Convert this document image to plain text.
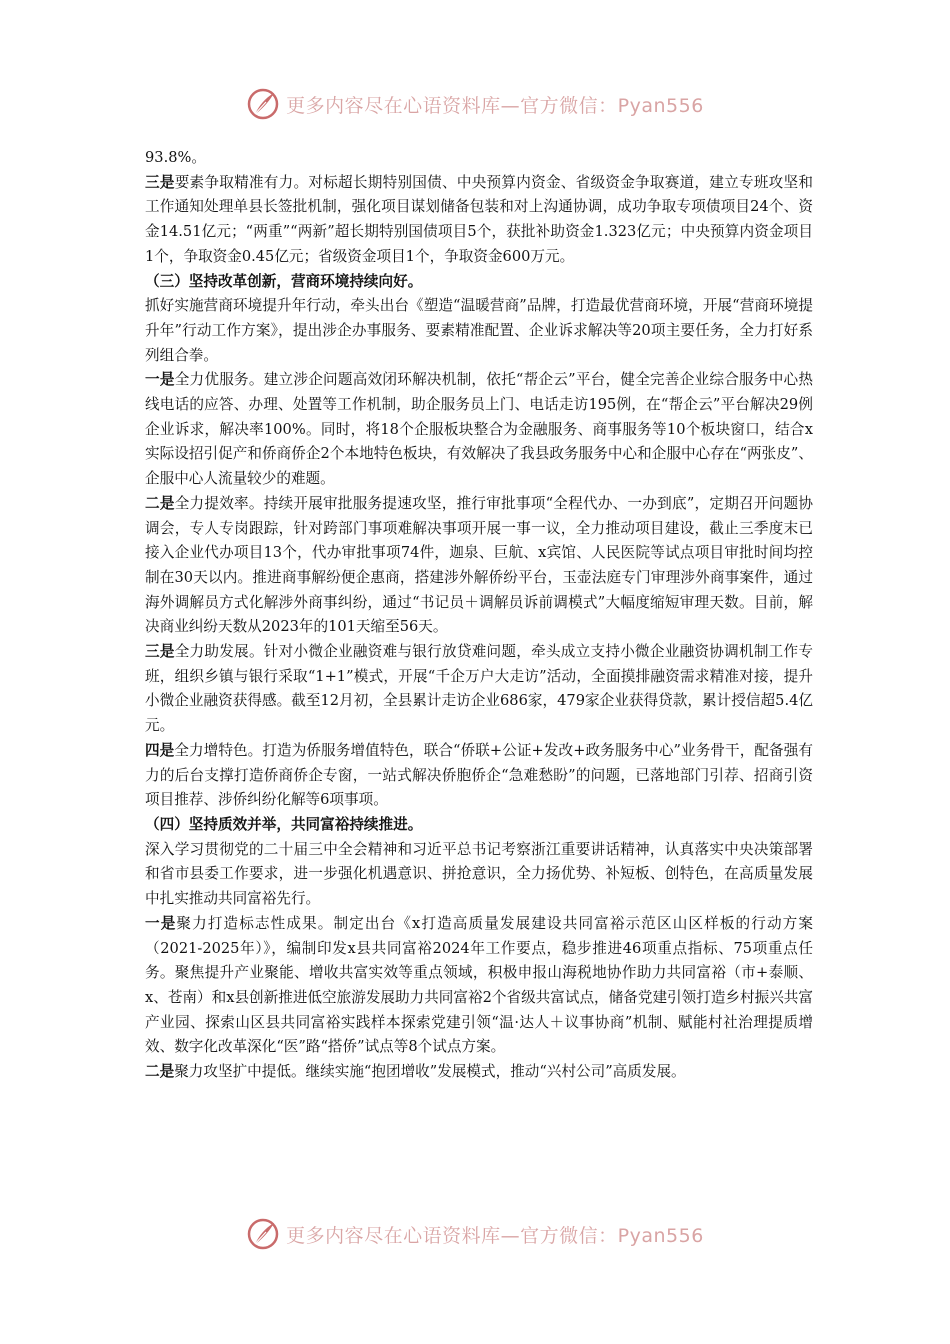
更多内容尽在心语资料库—官方微信：Pyan556

93.8%。

三是要素争取精准有力。对标超长期特别国债、中央预算内资金、省级资金争取赛道，建立专班攻坚和工作通知处理单县长签批机制，强化项目谋划储备包装和对上沟通协调，成功争取专项债项目24个、资金14.51亿元；“两重”“两新”超长期特别国债项目5个，获批补助资金1.323亿元；中央预算内资金项目1个，争取资金0.45亿元；省级资金项目1个，争取资金600万元。

（三）坚持改革创新，营商环境持续向好。

抓好实施营商环境提升年行动，牵头出台《塑造“温暖营商”品牌，打造最优营商环境，开展“营商环境提升年”行动工作方案》，提出涉企办事服务、要素精准配置、企业诉求解决等20项主要任务，全力打好系列组合拳。

一是全力优服务。建立涉企问题高效闭环解决机制，依托“帮企云”平台，健全完善企业综合服务中心热线电话的应答、办理、处置等工作机制，助企服务员上门、电话走访195例，在“帮企云”平台解决29例企业诉求，解决率100%。同时，将18个企服板块整合为金融服务、商事服务等10个板块窗口，结合x实际设招引促产和侨商侨企2个本地特色板块，有效解决了我县政务服务中心和企服中心存在“两张皮”、企服中心人流量较少的难题。

二是全力提效率。持续开展审批服务提速攻坚，推行审批事项“全程代办、一办到底”，定期召开问题协调会，专人专岗跟踪，针对跨部门事项难解决事项开展一事一议，全力推动项目建设，截止三季度末已接入企业代办项目13个，代办审批事项74件，迦泉、巨航、x宾馆、人民医院等试点项目审批时间均控制在30天以内。推进商事解纷便企惠商，搭建涉外解侨纷平台，玉壶法庭专门审理涉外商事案件，通过海外调解员方式化解涉外商事纠纷，通过“书记员＋调解员诉前调模式”大幅度缩短审理天数。目前，解决商业纠纷天数从2023年的101天缩至56天。

三是全力助发展。针对小微企业融资难与银行放贷难问题，牵头成立支持小微企业融资协调机制工作专班，组织乡镇与银行采取“1+1”模式，开展“千企万户大走访”活动，全面摸排融资需求精准对接，提升小微企业融资获得感。截至12月初，全县累计走访企业686家，479家企业获得贷款，累计授信超5.4亿元。

四是全力增特色。打造为侨服务增值特色，联合“侨联+公证+发改+政务服务中心”业务骨干，配备强有力的后台支撑打造侨商侨企专窗，一站式解决侨胞侨企“急难愁盼”的问题，已落地部门引荐、招商引资项目推荐、涉侨纠纷化解等6项事项。

（四）坚持质效并举，共同富裕持续推进。

深入学习贯彻党的二十届三中全会精神和习近平总书记考察浙江重要讲话精神，认真落实中央决策部署和省市县委工作要求，进一步强化机遇意识、拼抢意识，全力扬优势、补短板、创特色，在高质量发展中扎实推动共同富裕先行。

一是聚力打造标志性成果。制定出台《x打造高质量发展建设共同富裕示范区山区样板的行动方案（2021-2025年）》，编制印发x县共同富裕2024年工作要点，稳步推进46项重点指标、75项重点任务。聚焦提升产业聚能、增收共富实效等重点领域，积极申报山海税地协作助力共同富裕（市+泰顺、x、苍南）和x县创新推进低空旅游发展助力共同富裕2个省级共富试点，储备党建引领打造乡村振兴共富产业园、探索山区县共同富裕实践样本探索党建引领“温·达人＋议事协商”机制、赋能村社治理提质增效、数字化改革深化“医”路“搭侨”试点等8个试点方案。

二是聚力攻坚扩中提低。继续实施“抱团增收”发展模式，推动“兴村公司”高质发展。

更多内容尽在心语资料库—官方微信：Pyan556
